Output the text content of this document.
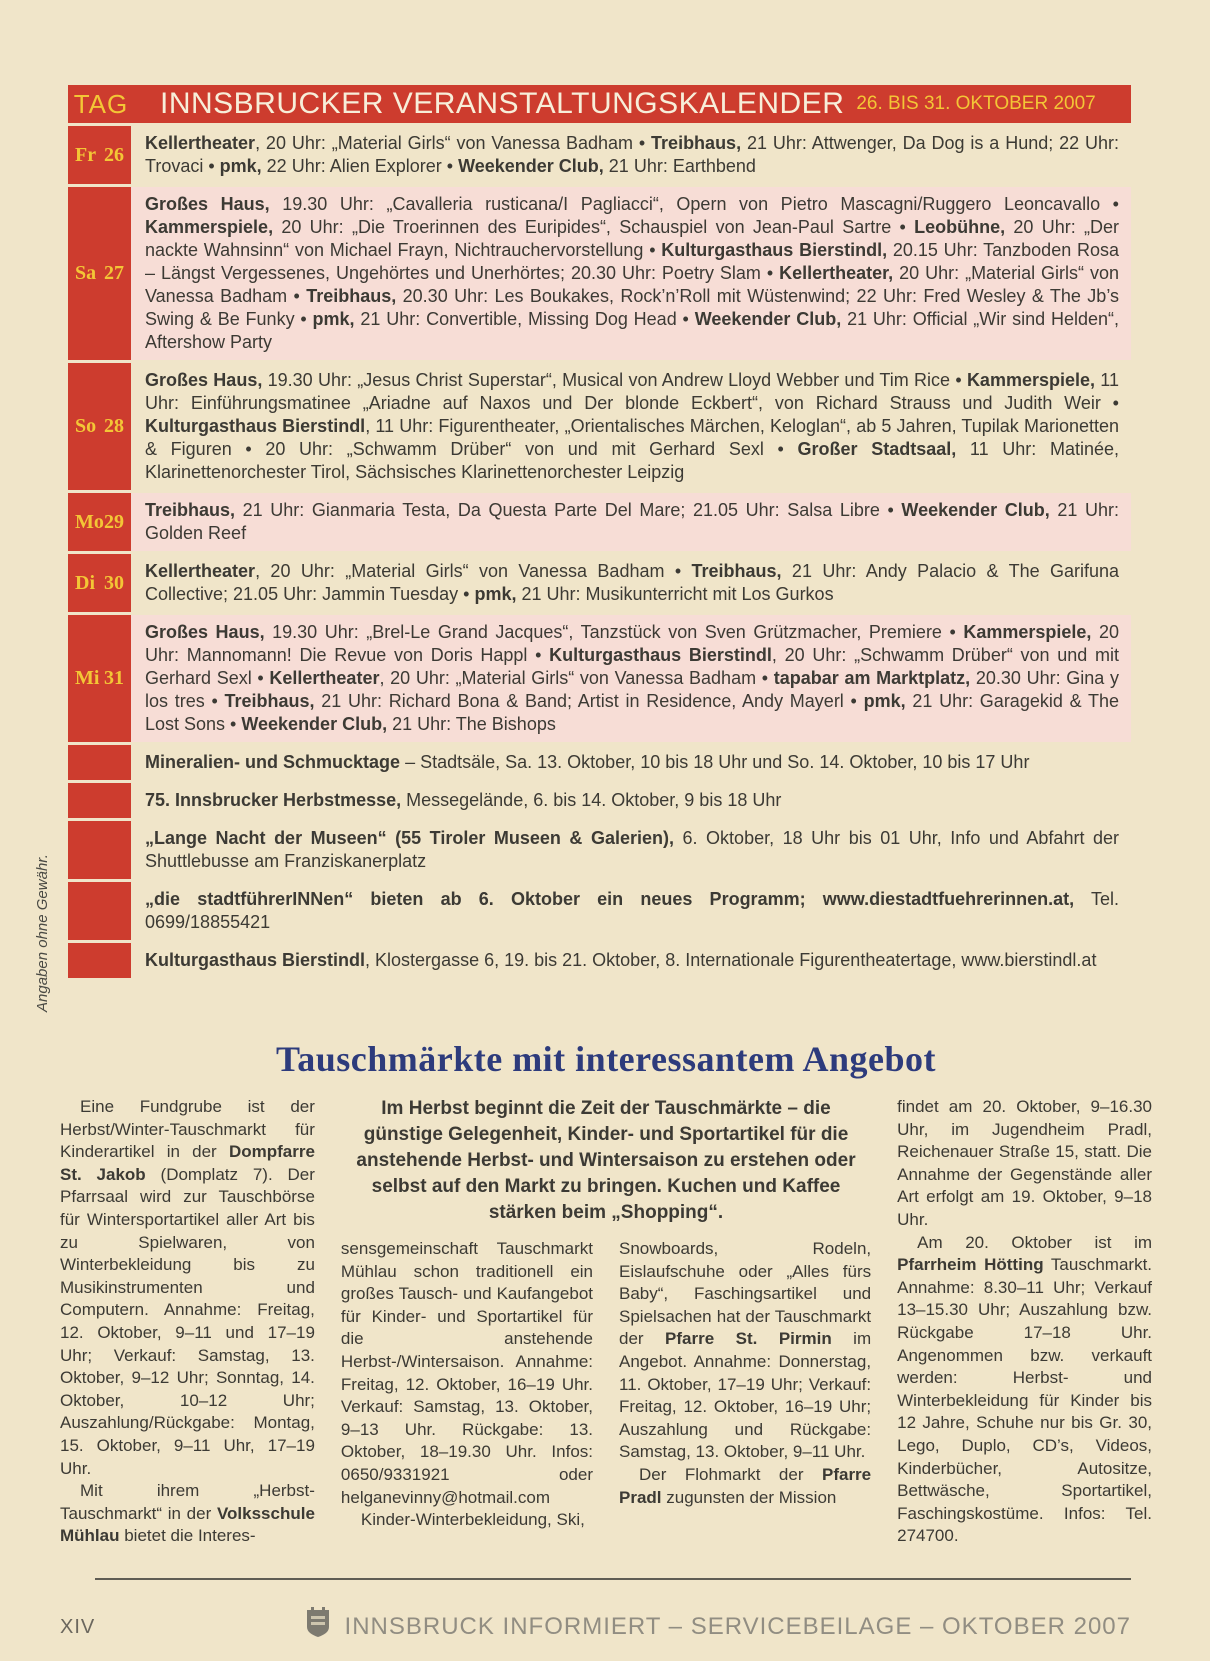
TAG INNSBRUCKER VERANSTALTUNGSKALENDER 26. BIS 31. OKTOBER 2007
Fr 26
Kellertheater, 20 Uhr: „Material Girls“ von Vanessa Badham • Treibhaus, 21 Uhr: Attwenger, Da Dog is a Hund; 22 Uhr: Trovaci • pmk, 22 Uhr: Alien Explorer • Weekender Club, 21 Uhr: Earthbend
Sa 27
Großes Haus, 19.30 Uhr: „Cavalleria rusticana/I Pagliacci“, Opern von Pietro Mascagni/Ruggero Leoncavallo • Kammerspiele, 20 Uhr: „Die Troerinnen des Euripides“, Schauspiel von Jean-Paul Sartre • Leobühne, 20 Uhr: „Der nackte Wahnsinn“ von Michael Frayn, Nichtrauchervorstellung • Kulturgasthaus Bierstindl, 20.15 Uhr: Tanzboden Rosa – Längst Vergessenes, Ungehörtes und Unerhörtes; 20.30 Uhr: Poetry Slam • Kellertheater, 20 Uhr: „Material Girls“ von Vanessa Badham • Treibhaus, 20.30 Uhr: Les Boukakes, Rock’n’Roll mit Wüstenwind; 22 Uhr: Fred Wesley & The Jb’s Swing & Be Funky • pmk, 21 Uhr: Convertible, Missing Dog Head • Weekender Club, 21 Uhr: Official „Wir sind Helden“, Aftershow Party
So 28
Großes Haus, 19.30 Uhr: „Jesus Christ Superstar“, Musical von Andrew Lloyd Webber und Tim Rice • Kammerspiele, 11 Uhr: Einführungsmatinee „Ariadne auf Naxos und Der blonde Eckbert“, von Richard Strauss und Judith Weir • Kulturgasthaus Bierstindl, 11 Uhr: Figurentheater, „Orientalisches Märchen, Keloglan“, ab 5 Jahren, Tupilak Marionetten & Figuren • 20 Uhr: „Schwamm Drüber“ von und mit Gerhard Sexl • Großer Stadtsaal, 11 Uhr: Matinée, Klarinettenorchester Tirol, Sächsisches Klarinettenorchester Leipzig
Mo 29
Treibhaus, 21 Uhr: Gianmaria Testa, Da Questa Parte Del Mare; 21.05 Uhr: Salsa Libre • Weekender Club, 21 Uhr: Golden Reef
Di 30
Kellertheater, 20 Uhr: „Material Girls“ von Vanessa Badham • Treibhaus, 21 Uhr: Andy Palacio & The Garifuna Collective; 21.05 Uhr: Jammin Tuesday • pmk, 21 Uhr: Musikunterricht mit Los Gurkos
Mi 31
Großes Haus, 19.30 Uhr: „Brel-Le Grand Jacques“, Tanzstück von Sven Grützmacher, Premiere • Kammerspiele, 20 Uhr: Mannomann! Die Revue von Doris Happl • Kulturgasthaus Bierstindl, 20 Uhr: „Schwamm Drüber“ von und mit Gerhard Sexl • Kellertheater, 20 Uhr: „Material Girls“ von Vanessa Badham • tapabar am Marktplatz, 20.30 Uhr: Gina y los tres • Treibhaus, 21 Uhr: Richard Bona & Band; Artist in Residence, Andy Mayerl • pmk, 21 Uhr: Garagekid & The Lost Sons • Weekender Club, 21 Uhr: The Bishops
Mineralien- und Schmucktage – Stadtsäle, Sa. 13. Oktober, 10 bis 18 Uhr und So. 14. Oktober, 10 bis 17 Uhr
75. Innsbrucker Herbstmesse, Messegelände, 6. bis 14. Oktober, 9 bis 18 Uhr
„Lange Nacht der Museen“ (55 Tiroler Museen & Galerien), 6. Oktober, 18 Uhr bis 01 Uhr, Info und Abfahrt der Shuttlebusse am Franziskanerplatz
„die stadtführerINNen“ bieten ab 6. Oktober ein neues Programm; www.diestadtfuehrerinnen.at, Tel. 0699/18855421
Kulturgasthaus Bierstindl, Klostergasse 6, 19. bis 21. Oktober, 8. Internationale Figurentheatertage, www.bierstindl.at
Angaben ohne Gewähr.
Tauschmärkte mit interessantem Angebot

Eine Fundgrube ist der Herbst/Winter-Tauschmarkt für Kinderartikel in der Dompfarre St. Jakob (Domplatz 7). Der Pfarrsaal wird zur Tauschbörse für Wintersportartikel aller Art bis zu Spielwaren, von Winterbekleidung bis zu Musikinstrumenten und Computern. Annahme: Freitag, 12. Oktober, 9–11 und 17–19 Uhr; Verkauf: Samstag, 13. Oktober, 9–12 Uhr; Sonntag, 14. Oktober, 10–12 Uhr; Auszahlung/Rückgabe: Montag, 15. Oktober, 9–11 Uhr, 17–19 Uhr.

Mit ihrem „Herbst-Tauschmarkt“ in der Volksschule Mühlau bietet die Interes-

Im Herbst beginnt die Zeit der Tauschmärkte – die günstige Gelegenheit, Kinder- und Sportartikel für die anstehende Herbst- und Wintersaison zu erstehen oder selbst auf den Markt zu bringen. Kuchen und Kaffee stärken beim „Shopping“.

sensgemeinschaft Tauschmarkt Mühlau schon traditionell ein großes Tausch- und Kaufangebot für Kinder- und Sportartikel für die anstehende Herbst-/Wintersaison. Annahme: Freitag, 12. Oktober, 16–19 Uhr. Verkauf: Samstag, 13. Oktober, 9–13 Uhr. Rückgabe: 13. Oktober, 18–19.30 Uhr. Infos: 0650/9331921 oder helganevinny@hotmail.com

Kinder-Winterbekleidung, Ski,

Snowboards, Rodeln, Eislaufschuhe oder „Alles fürs Baby“, Faschingsartikel und Spielsachen hat der Tauschmarkt der Pfarre St. Pirmin im Angebot. Annahme: Donnerstag, 11. Oktober, 17–19 Uhr; Verkauf: Freitag, 12. Oktober, 16–19 Uhr; Auszahlung und Rückgabe: Samstag, 13. Oktober, 9–11 Uhr.

Der Flohmarkt der Pfarre Pradl zugunsten der Mission

findet am 20. Oktober, 9–16.30 Uhr, im Jugendheim Pradl, Reichenauer Straße 15, statt. Die Annahme der Gegenstände aller Art erfolgt am 19. Oktober, 9–18 Uhr.

Am 20. Oktober ist im Pfarrheim Hötting Tauschmarkt. Annahme: 8.30–11 Uhr; Verkauf 13–15.30 Uhr; Auszahlung bzw. Rückgabe 17–18 Uhr. Angenommen bzw. verkauft werden: Herbst- und Winterbekleidung für Kinder bis 12 Jahre, Schuhe nur bis Gr. 30, Lego, Duplo, CD’s, Videos, Kinderbücher, Autositze, Bettwäsche, Sportartikel, Faschingskostüme. Infos: Tel. 274700.

XIV	INNSBRUCK INFORMIERT – SERVICEBEILAGE – OKTOBER 2007
